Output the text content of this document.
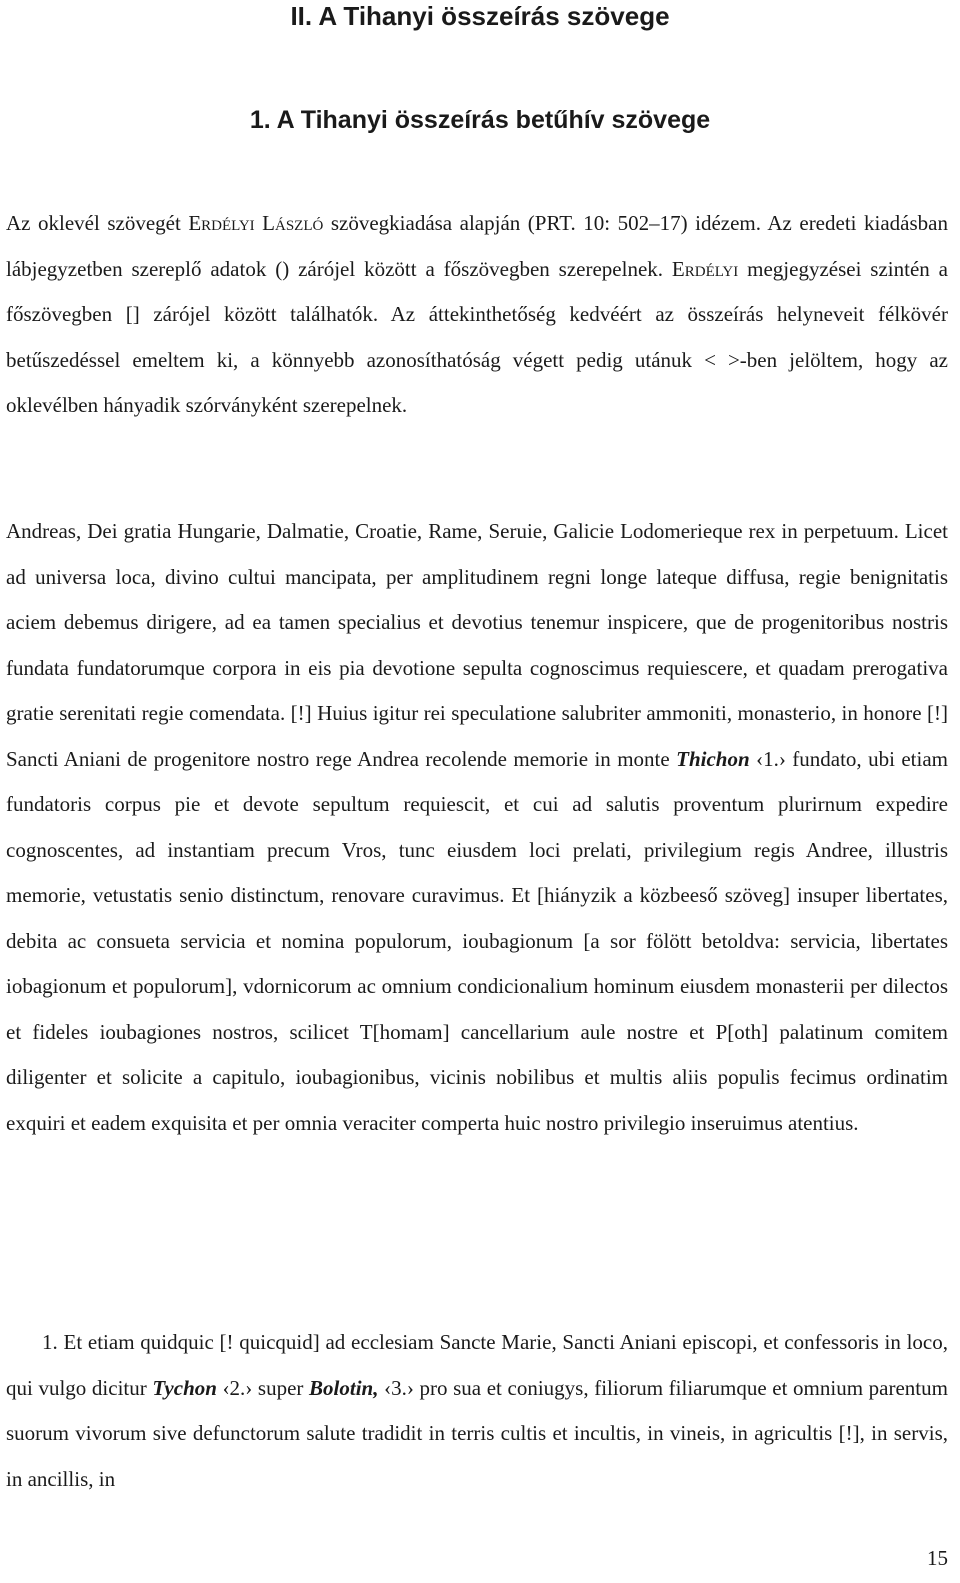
II. A Tihanyi összeírás szövege
1. A Tihanyi összeírás betűhív szövege

Az oklevél szövegét Erdélyi László szövegkiadása alapján (PRT. 10: 502–17) idézem. Az eredeti kiadásban lábjegyzetben szereplő adatok () zárójel között a főszövegben szerepelnek. Erdélyi megjegyzései szintén a főszövegben [] zárójel között találhatók. Az áttekinthetőség kedvéért az összeírás helyneveit félkövér betűszedéssel emeltem ki, a könnyebb azonosíthatóság végett pedig utánuk < >-ben jelöltem, hogy az oklevélben hányadik szórványként szerepelnek.

Andreas, Dei gratia Hungarie, Dalmatie, Croatie, Rame, Seruie, Galicie Lodomerieque rex in perpetuum. Licet ad universa loca, divino cultui mancipata, per amplitudinem regni longe lateque diffusa, regie benignitatis aciem debemus dirigere, ad ea tamen specialius et devotius tenemur inspicere, que de progenitoribus nostris fundata fundatorumque corpora in eis pia devotione sepulta cognoscimus requiescere, et quadam prerogativa gratie serenitati regie comendata. [!] Huius igitur rei speculatione salubriter ammoniti, monasterio, in honore [!] Sancti Aniani de progenitore nostro rege Andrea recolende memorie in monte Thichon ‹1.› fundato, ubi etiam fundatoris corpus pie et devote sepultum requiescit, et cui ad salutis proventum plurirnum expedire cognoscentes, ad instantiam precum Vros, tunc eiusdem loci prelati, privilegium regis Andree, illustris memorie, vetustatis senio distinctum, renovare curavimus. Et [hiányzik a közbeeső szöveg] insuper libertates, debita ac consueta servicia et nomina populorum, ioubagionum [a sor fölött betoldva: servicia, libertates iobagionum et populorum], vdornicorum ac omnium condicionalium hominum eiusdem monasterii per dilectos et fideles ioubagiones nostros, scilicet T[homam] cancellarium aule nostre et P[oth] palatinum comitem diligenter et solicite a capitulo, ioubagionibus, vicinis nobilibus et multis aliis populis fecimus ordinatim exquiri et eadem exquisita et per omnia veraciter comperta huic nostro privilegio inseruimus atentius.

1. Et etiam quidquic [! quicquid] ad ecclesiam Sancte Marie, Sancti Aniani episcopi, et confessoris in loco, qui vulgo dicitur Tychon ‹2.› super Bolotin, ‹3.› pro sua et coniugys, filiorum filiarumque et omnium parentum suorum vivorum sive defunctorum salute tradidit in terris cultis et incultis, in vineis, in agricultis [!], in servis, in ancillis, in

15
